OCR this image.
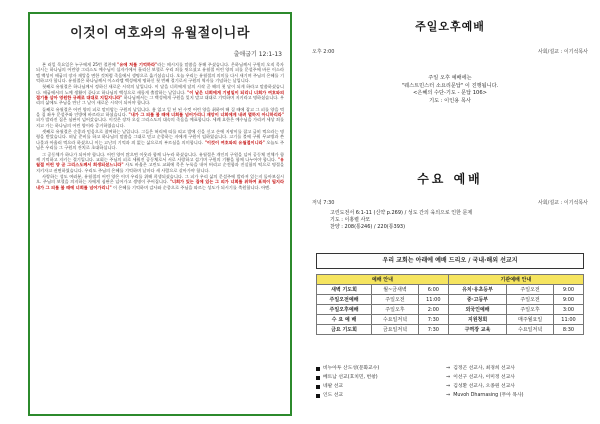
이것이 여호와의 유월절이니라
출애굽기 12:1-13

본 러일 목요일은 누구에게 25번 절찬에 "유에 처를 기억하라"라는 메시지를 말씀을 통해 주셨습니다. 은하님께서 구원의 오직 목자되시는 하나님의 어린양 그리스도 예수님이 십자가에서 흘리신 보혈로 우리 죄를 씻으셨고 유월절 어린 양의 피를 문설주에 바른 이스라엘 백성이 애굽의 장자 재앙을 면한 것처럼 죽음에서 생명으로 옮기셨습니다. 오늘 우리는 유월절의 의미를 다시 새기며 주님의 은혜를 기억하고자 합니다. 유월절은 하나님께서 이스라엘 백성에게 명하신 첫 번째 절기로서 구원의 역사를 기념하는 날입니다.

첫째로 유월절은 하나님께서 정하신 새로운 시작의 날입니다. 이 달을 너희에게 달의 시작 곧 해의 첫 달이 되게 하라고 말씀하셨습니다. 애굽에서의 노예 생활이 끝나고 하나님의 백성으로 새롭게 출발하는 날입니다. "이 날은 너희에게 기념일이 되리니 너희가 여호와의 절기를 삼아 영원한 규례로 대대로 지킬지니라" 하나님께서는 그 백성에게 구원을 잊지 말고 대대로 기억하며 지키라고 명하셨습니다. 우리의 삶에도 주님을 만난 그 날이 새로운 시작이 되어야 합니다.

둘째로 유월절은 어린 양의 피로 말미암는 구원의 날입니다. 흠 없고 일 년 된 수컷 어린 양을 취하여 해 질 때에 잡고 그 피를 양을 먹을 집 좌우 문설주와 인방에 바르라고 하셨습니다. "내가 그 피를 볼 때에 너희를 넘어가리니 재앙이 너희에게 내려 멸하지 아니하리라" 피가 발라진 집은 심판이 넘어갔습니다. 이것은 장차 오실 그리스도의 대속의 죽음을 예표합니다. 세례 요한은 예수님을 가리켜 세상 죄를 지고 가는 하나님의 어린 양이라 증거하였습니다.

셋째로 유월절은 순종과 믿음으로 참여하는 날입니다. 그들은 허리에 띠를 띠고 발에 신을 신고 손에 지팡이를 잡고 급히 먹으라는 명령을 받았습니다. 떠날 준비를 하고 하나님의 말씀을 그대로 믿고 순종하는 자에게 구원이 임하였습니다. 고기를 불에 구워 무교병과 쓴 나물과 아울러 먹으라 하셨으니 이는 고난의 기억과 죄 없는 삶으로의 부르심을 의미합니다. "이것이 여호와의 유월절이니라" 오늘도 주님은 우리를 그 구원의 잔치로 초대하십니다.

그 공동체가 하나가 되어야 합니다. 어린 양이 많으면 이웃과 함께 나누라 하셨습니다. 유월절은 개인의 구원을 넘어 공동체 전체가 함께 기억하고 지키는 절기입니다. 교회는 주님의 피로 세워진 공동체로서 서로 사랑하고 섬기며 구원의 기쁨을 함께 나누어야 합니다. "유월절 어린 양 곧 그리스도께서 희생되셨느니라" 사도 바울은 고린도 교회에 묵은 누룩을 내어 버리고 순전함과 진실함의 떡으로 명절을 지키자고 권면하였습니다. 우리도 주님의 은혜를 기억하며 날마다 새 사람으로 살아가야 합니다.

사랑하는 성도 여러분, 유월절의 어린 양은 이미 우리를 위해 희생되셨습니다. 그 피가 우리 삶의 문설주에 발라져 있는지 돌아보십시오. 주님의 보혈을 의지하는 자에게 심판은 넘어가고 생명이 주어집니다. "너희가 있는 집에 있는 그 피가 너희를 위하여 표적이 될지라 내가 그 피를 볼 때에 너희를 넘어가리니" 이 은혜를 기억하며 감사와 순종으로 주님을 따르는 성도가 되시기를 축원합니다. 아멘.

주일오후예배
오후 2:00	사회/설교 : 이기석목사
주일 오후 예배에는
"웨스트민스터 소요리문답" 이 진행됩니다.
<은혜의 수단-기도 - 문답 106>
기도 : 이인용 목사
수요 예배
저녁 7:30	사회/설교 : 이기석목사
고린도전서 6:1-11 (신약 p.269) / 성도 간의 육의으로 인한 문제
기도 : 이홍렬 사모
찬양 : 208(통246) / 220(통393)
우리 교회는 아래에 예배 드리오 / 국내·해외 선교지
예배 안내			기관예배 안내		
새벽 기도회	월~금새벽	6:00	유치·유초등부	주일오전	9:00
주일오전예배	주일오전	11:00	중·고등부	주일오전	9:00
주일오후예배	주일오후	2:00	외국인예배	주일오후	3:00
수 요 예 배	수요일저녁	7:30	지원청회	매주월요일	11:00
금요 기도회	금요일저녁	7:30	구역장 교육	수요일저녁	8:30
비누아투 산도성(문화교수)	⇒ 김정곤 선교사, 최경희 선교사
베트남 선교(호치민, 번창)	⇒ 이선구 선교사, 이미정 선교사
네팔 선교	⇒ 김성환 선교사, 오종원 선교사
인도 선교	⇒ Muvoh Dharnasing (무아 목사)
